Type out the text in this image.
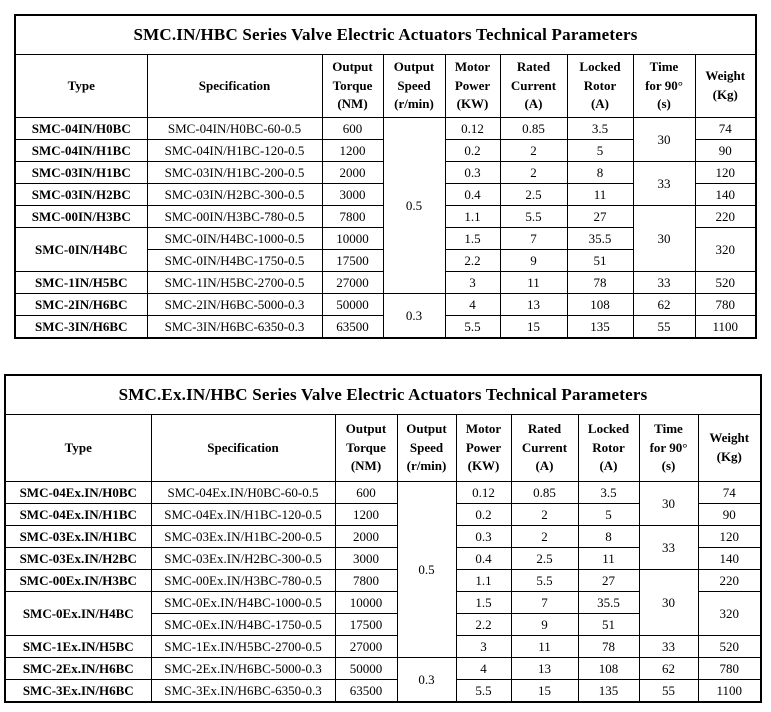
SMC.IN/HBC Series Valve Electric Actuators Technical Parameters								
Type	Specification	Output
Torque
(NM)	Output
Speed
(r/min)	Motor
Power
(KW)	Rated
Current
(A)	Locked
Rotor
(A)	Time
for 90°
(s)	Weight
(Kg)
SMC-04IN/H0BC	SMC-04IN/H0BC-60-0.5	600	0.5	0.12	0.85	3.5	30	74
SMC-04IN/H1BC	SMC-04IN/H1BC-120-0.5	1200		0.2	2	5		90
SMC-03IN/H1BC	SMC-03IN/H1BC-200-0.5	2000		0.3	2	8	33	120
SMC-03IN/H2BC	SMC-03IN/H2BC-300-0.5	3000		0.4	2.5	11		140
SMC-00IN/H3BC	SMC-00IN/H3BC-780-0.5	7800		1.1	5.5	27	30	220
SMC-0IN/H4BC	SMC-0IN/H4BC-1000-0.5	10000		1.5	7	35.5		320
	SMC-0IN/H4BC-1750-0.5	17500		2.2	9	51		
SMC-1IN/H5BC	SMC-1IN/H5BC-2700-0.5	27000		3	11	78	33	520
SMC-2IN/H6BC	SMC-2IN/H6BC-5000-0.3	50000	0.3	4	13	108	62	780
SMC-3IN/H6BC	SMC-3IN/H6BC-6350-0.3	63500		5.5	15	135	55	1100
SMC.Ex.IN/HBC Series Valve Electric Actuators Technical Parameters								
Type	Specification	Output
Torque
(NM)	Output
Speed
(r/min)	Motor
Power
(KW)	Rated
Current
(A)	Locked
Rotor
(A)	Time
for 90°
(s)	Weight
(Kg)
SMC-04Ex.IN/H0BC	SMC-04Ex.IN/H0BC-60-0.5	600	0.5	0.12	0.85	3.5	30	74
SMC-04Ex.IN/H1BC	SMC-04Ex.IN/H1BC-120-0.5	1200		0.2	2	5		90
SMC-03Ex.IN/H1BC	SMC-03Ex.IN/H1BC-200-0.5	2000		0.3	2	8	33	120
SMC-03Ex.IN/H2BC	SMC-03Ex.IN/H2BC-300-0.5	3000		0.4	2.5	11		140
SMC-00Ex.IN/H3BC	SMC-00Ex.IN/H3BC-780-0.5	7800		1.1	5.5	27	30	220
SMC-0Ex.IN/H4BC	SMC-0Ex.IN/H4BC-1000-0.5	10000		1.5	7	35.5		320
	SMC-0Ex.IN/H4BC-1750-0.5	17500		2.2	9	51		
SMC-1Ex.IN/H5BC	SMC-1Ex.IN/H5BC-2700-0.5	27000		3	11	78	33	520
SMC-2Ex.IN/H6BC	SMC-2Ex.IN/H6BC-5000-0.3	50000	0.3	4	13	108	62	780
SMC-3Ex.IN/H6BC	SMC-3Ex.IN/H6BC-6350-0.3	63500		5.5	15	135	55	1100
